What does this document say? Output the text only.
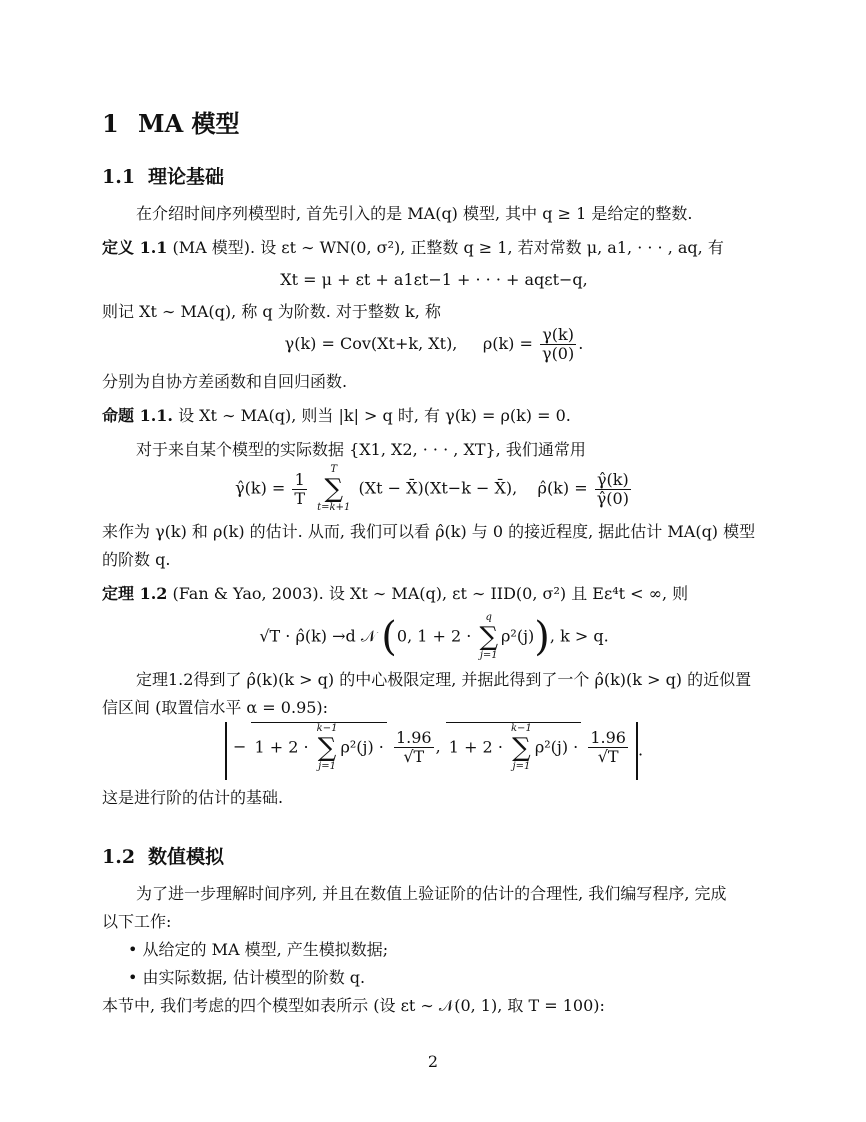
1 MA 模型
1.1 理论基础
在介绍时间序列模型时, 首先引入的是 MA(q) 模型, 其中 q ≥ 1 是给定的整数.
定义 1.1 (MA 模型). 设 εt ∼ WN(0, σ²), 正整数 q ≥ 1, 若对常数 μ, a1, · · · , aq, 有
Xt = μ + εt + a1εt−1 + · · · + aqεt−q,
则记 Xt ∼ MA(q), 称 q 为阶数. 对于整数 k, 称
γ(k) = Cov(Xt+k, Xt), $\rho(k) = \frac{\gamma(k)}{\gamma(0)}$ .
分别为自协方差函数和自回归函数.
命题 1.1. 设 Xt ∼ MA(q), 则当 |k| > q 时, 有 γ(k) = ρ(k) = 0.
对于来自某个模型的实际数据 {X1, X2, · · · , XT}, 我们通常用
γ̂(k) = $\frac{1}{T}$

T
∑
t=k+1
(Xt − X̄)(Xt−k − X̄), ρ̂(k) = $\frac{\gammâ(k)}{\gammâ(0)}$
来作为 γ(k) 和 ρ(k) 的估计. 从而, 我们可以看 ρ̂(k) 与 0 的接近程度, 据此估计 MA(q) 模型
的阶数 q.
定理 1.2 (Fan & Yao, 2003). 设 Xt ∼ MA(q), εt ∼ IID(0, σ²) 且 Eε⁴t < ∞, 则
√T · ρ̂(k) →d 𝒩 (0, 1 + 2 ·
q
∑
j=1
ρ²(j)), k > q.
定理1.2得到了 ρ̂(k)(k > q) 的中心极限定理, 并据此得到了一个 ρ̂(k)(k > q) 的近似置
信区间 (取置信水平 α = 0.95):
− 1 + 2 ·
k−1
∑
j=1
$\rho^2(j) \cdot \frac{1.96}{√T}$ , 1 + 2 ·
k−1
∑
j=1
$\rho^2(j) \cdot \frac{1.96}{√T}$ .
这是进行阶的估计的基础.
1.2 数值模拟
为了进一步理解时间序列, 并且在数值上验证阶的估计的合理性, 我们编写程序, 完成
以下工作:
• 从给定的 MA 模型, 产生模拟数据;
• 由实际数据, 估计模型的阶数 q.
本节中, 我们考虑的四个模型如表所示 (设 εt ∼ 𝒩(0, 1), 取 T = 100):
2
